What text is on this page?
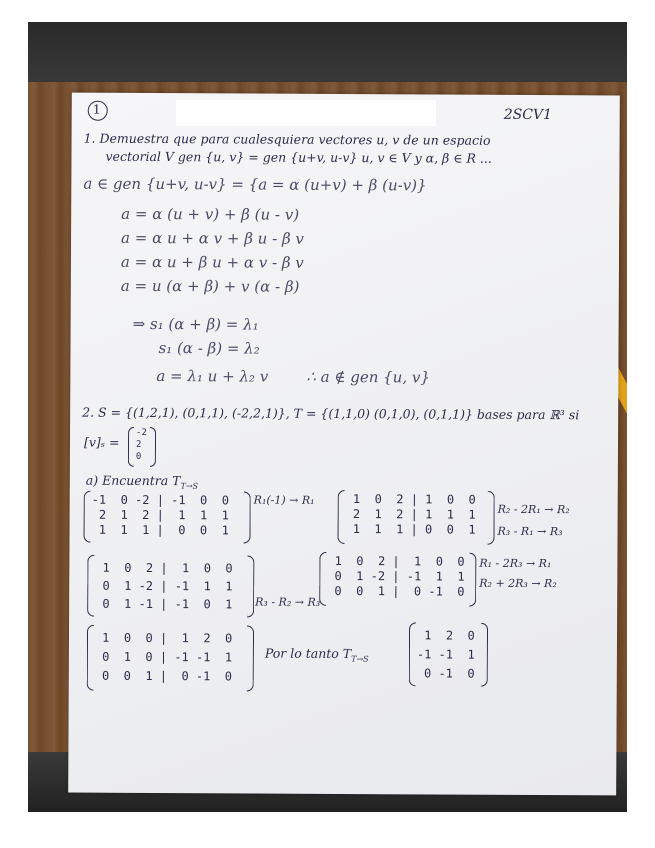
1	2SCV1
1. Demuestra que para cualesquiera vectores u, v de un espacio
vectorial V gen {u, v} = gen {u+v, u-v} u, v ∈ V y α, β ∈ R ...
a ∈ gen {u+v, u-v} = {a = α (u+v) + β (u-v)}
a = α (u + v) + β (u - v)
a = α u + α v + β u - β v
a = α u + β u + α v - β v
a = u (α + β) + v (α - β)
⇒ s₁ (α + β) = λ₁
s₁ (α - β) = λ₂
a = λ₁ u + λ₂ v	∴ a ∉ gen {u, v}
2. S = {(1,2,1), (0,1,1), (-2,2,1)}, T = {(1,1,0) (0,1,0), (0,1,1)} bases para ℝ³ si
[v]ₛ =
-2
2
0
a) Encuentra $T_{T\to S}$
-1  0 -2 | -1  0  0
2  1  2 |  1  1  1
1  1  1 |  0  0  1
R₁(-1) → R₁	1  0  2 | 1  0  0
2  1  2 | 1  1  1
1  1  1 | 0  0  1
R₂ - 2R₁ → R₂
R₃ - R₁ → R₃
1  0  2 |  1  0  0
0  1 -2 | -1  1  1
0  1 -1 | -1  0  1 R₃ - R₂ → R₃
1  0  2 |  1  0  0
0  1 -2 | -1  1  1
0  0  1 |  0 -1  0
R₁ - 2R₃ → R₁
R₂ + 2R₃ → R₂
1  0  0 |  1  2  0
0  1  0 | -1 -1  1
0  0  1 |  0 -1  0
Por lo tanto $T_{T\to S}$
1  2  0
-1 -1  1
0 -1  0
